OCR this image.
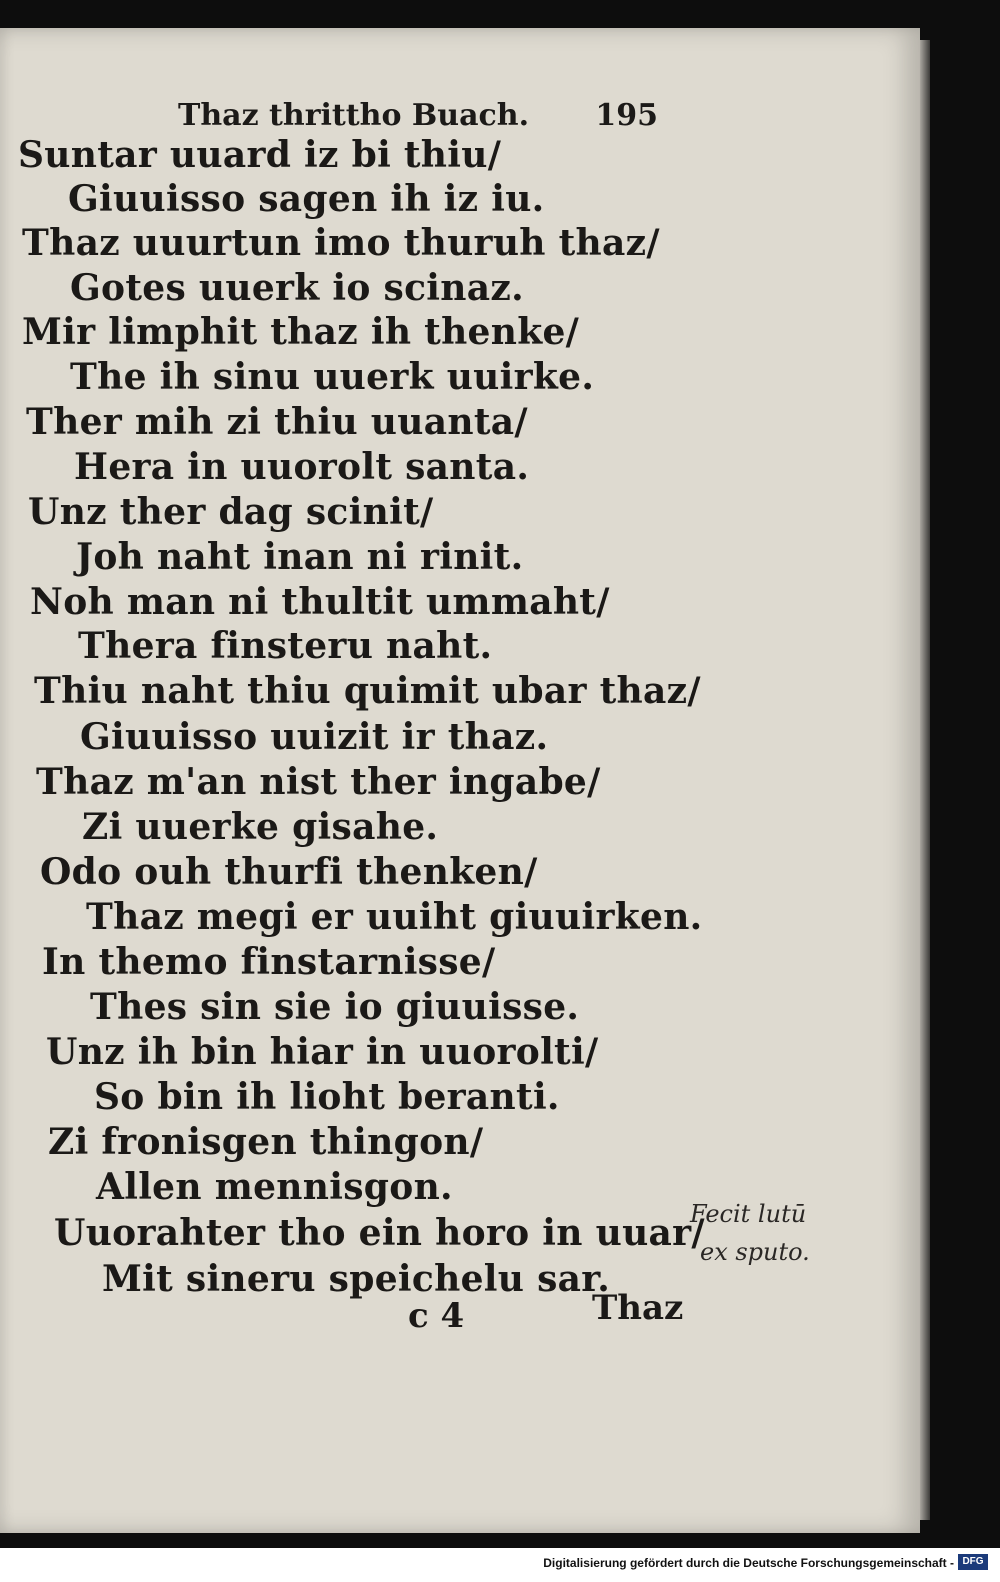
Thaz thrittho Buach. 195
Suntar uuard iz bi thiu/
Giuuisso sagen ih iz iu.
Thaz uuurtun imo thuruh thaz/
Gotes uuerk io scinaz.
Mir limphit thaz ih thenke/
The ih sinu uuerk uuirke.
Ther mih zi thiu uuanta/
Hera in uuorolt santa.
Unz ther dag scinit/
Joh naht inan ni rinit.
Noh man ni thultit ummaht/
Thera finsteru naht.
Thiu naht thiu quimit ubar thaz/
Giuuisso uuizit ir thaz.
Thaz m'an nist ther ingabe/
Zi uuerke gisahe.
Odo ouh thurfi thenken/
Thaz megi er uuiht giuuirken.
In themo finstarnisse/
Thes sin sie io giuuisse.
Unz ih bin hiar in uuorolti/
So bin ih lioht beranti.
Zi fronisgen thingon/
Allen mennisgon.
Uuorahter tho ein horo in uuar/
Mit sineru speichelu sar.
Fecit lutū
ex sputo.
c 4	Thaz
Digitalisierung gefördert durch die Deutsche Forschungsgemeinschaft - DFG
